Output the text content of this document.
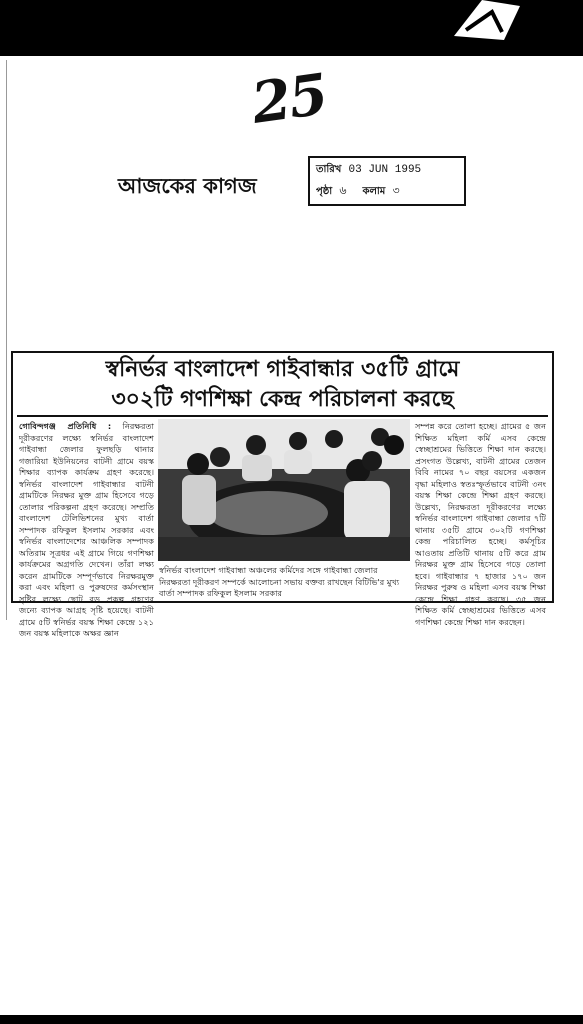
25
আজকের কাগজ
তারিখ 03 JUN 1995
পৃষ্ঠা ৬ কলাম ৩
স্বনির্ভর বাংলাদেশ গাইবান্ধার ৩৫টি গ্রামে
৩০২টি গণশিক্ষা কেন্দ্র পরিচালনা করছে
গোবিন্দগঞ্জ প্রতিনিধি : নিরক্ষরতা দূরীকরণের লক্ষ্যে স্বনির্ভর বাংলাদেশ গাইবান্ধা জেলার ফুলছড়ি থানার গজারিয়া ইউনিয়নের বাটনী গ্রামে বয়স্ক শিক্ষার ব্যাপক কার্যক্রম গ্রহণ করেছে। স্বনির্ভর বাংলাদেশ গাইবান্ধার বাটনী গ্রামটিকে নিরক্ষর মুক্ত গ্রাম হিসেবে গড়ে তোলার পরিকল্পনা গ্রহণ করেছে। সম্প্রতি বাংলাদেশ টেলিভিশনের মুখ্য বার্তা সম্পাদক রফিকুল ইসলাম সরকার এবং স্বনির্ভর বাংলাদেশের আঞ্চলিক সম্পাদক অতিরাম সূত্রধর এই গ্রামে গিয়ে গণশিক্ষা কার্যক্রমের অগ্রগতি দেখেন। তাঁরা লক্ষ্য করেন গ্রামটিকে সম্পূর্ণভাবে নিরক্ষরমুক্ত করা এবং মহিলা ও পুরুষদের কর্মসংস্থান সৃষ্টির লক্ষ্যে ছোট বড় প্রকল্প গ্রহণের জন্যে ব্যাপক আগ্রহ সৃষ্টি হয়েছে। বাটনী গ্রামে ৫টি স্বনির্ভর বয়স্ক শিক্ষা কেন্দ্রে ১২১ জন বয়স্ক মহিলাকে অক্ষর জ্ঞান
স্বনির্ভর বাংলাদেশ গাইবান্ধা অঞ্চলের কর্মিদের সঙ্গে গাইবান্ধা জেলার নিরক্ষরতা দূরীকরণ সম্পর্কে আলোচনা সভায় বক্তব্য রাখছেন বিটিভি'র মুখ্য বার্তা সম্পাদক রফিকুল ইসলাম সরকার
সম্পন্ন করে তোলা হচ্ছে। গ্রামের ৫ জন শিক্ষিত মহিলা কর্মি এসব কেন্দ্রে স্বেচ্ছাশ্রমের ভিত্তিতে শিক্ষা দান করছে। প্রসংগত উল্লেখ্য, বাটনী গ্রামের তেজন বিবি নামের ৭০ বছর বয়সের একজন বৃদ্ধা মহিলাও স্বতঃস্ফূর্তভাবে বাটনী ৩নং বয়স্ক শিক্ষা কেন্দ্রে শিক্ষা গ্রহণ করছে। উল্লেখ্য, নিরক্ষরতা দূরীকরণের লক্ষ্যে স্বনির্ভর বাংলাদেশ গাইবান্ধা জেলার ৭টি থানায় ৩৫টি গ্রামে ৩০২টি গণশিক্ষা কেন্দ্র পরিচালিত হচ্ছে। কর্মসূচির আওতায় প্রতিটি থানায় ৫টি করে গ্রাম নিরক্ষর মুক্ত গ্রাম হিসেবে গড়ে তোলা হবে। গাইবান্ধার ৭ হাজার ১৭০ জন নিরক্ষর পুরুষ ও মহিলা এসব বয়স্ক শিক্ষা কেন্দ্রে শিক্ষা গ্রহণ করছে। ৩৫ জন শিক্ষিত কর্মি স্বেচ্ছাশ্রমের ভিত্তিতে এসব গণশিক্ষা কেন্দ্রে শিক্ষা দান করছেন।
